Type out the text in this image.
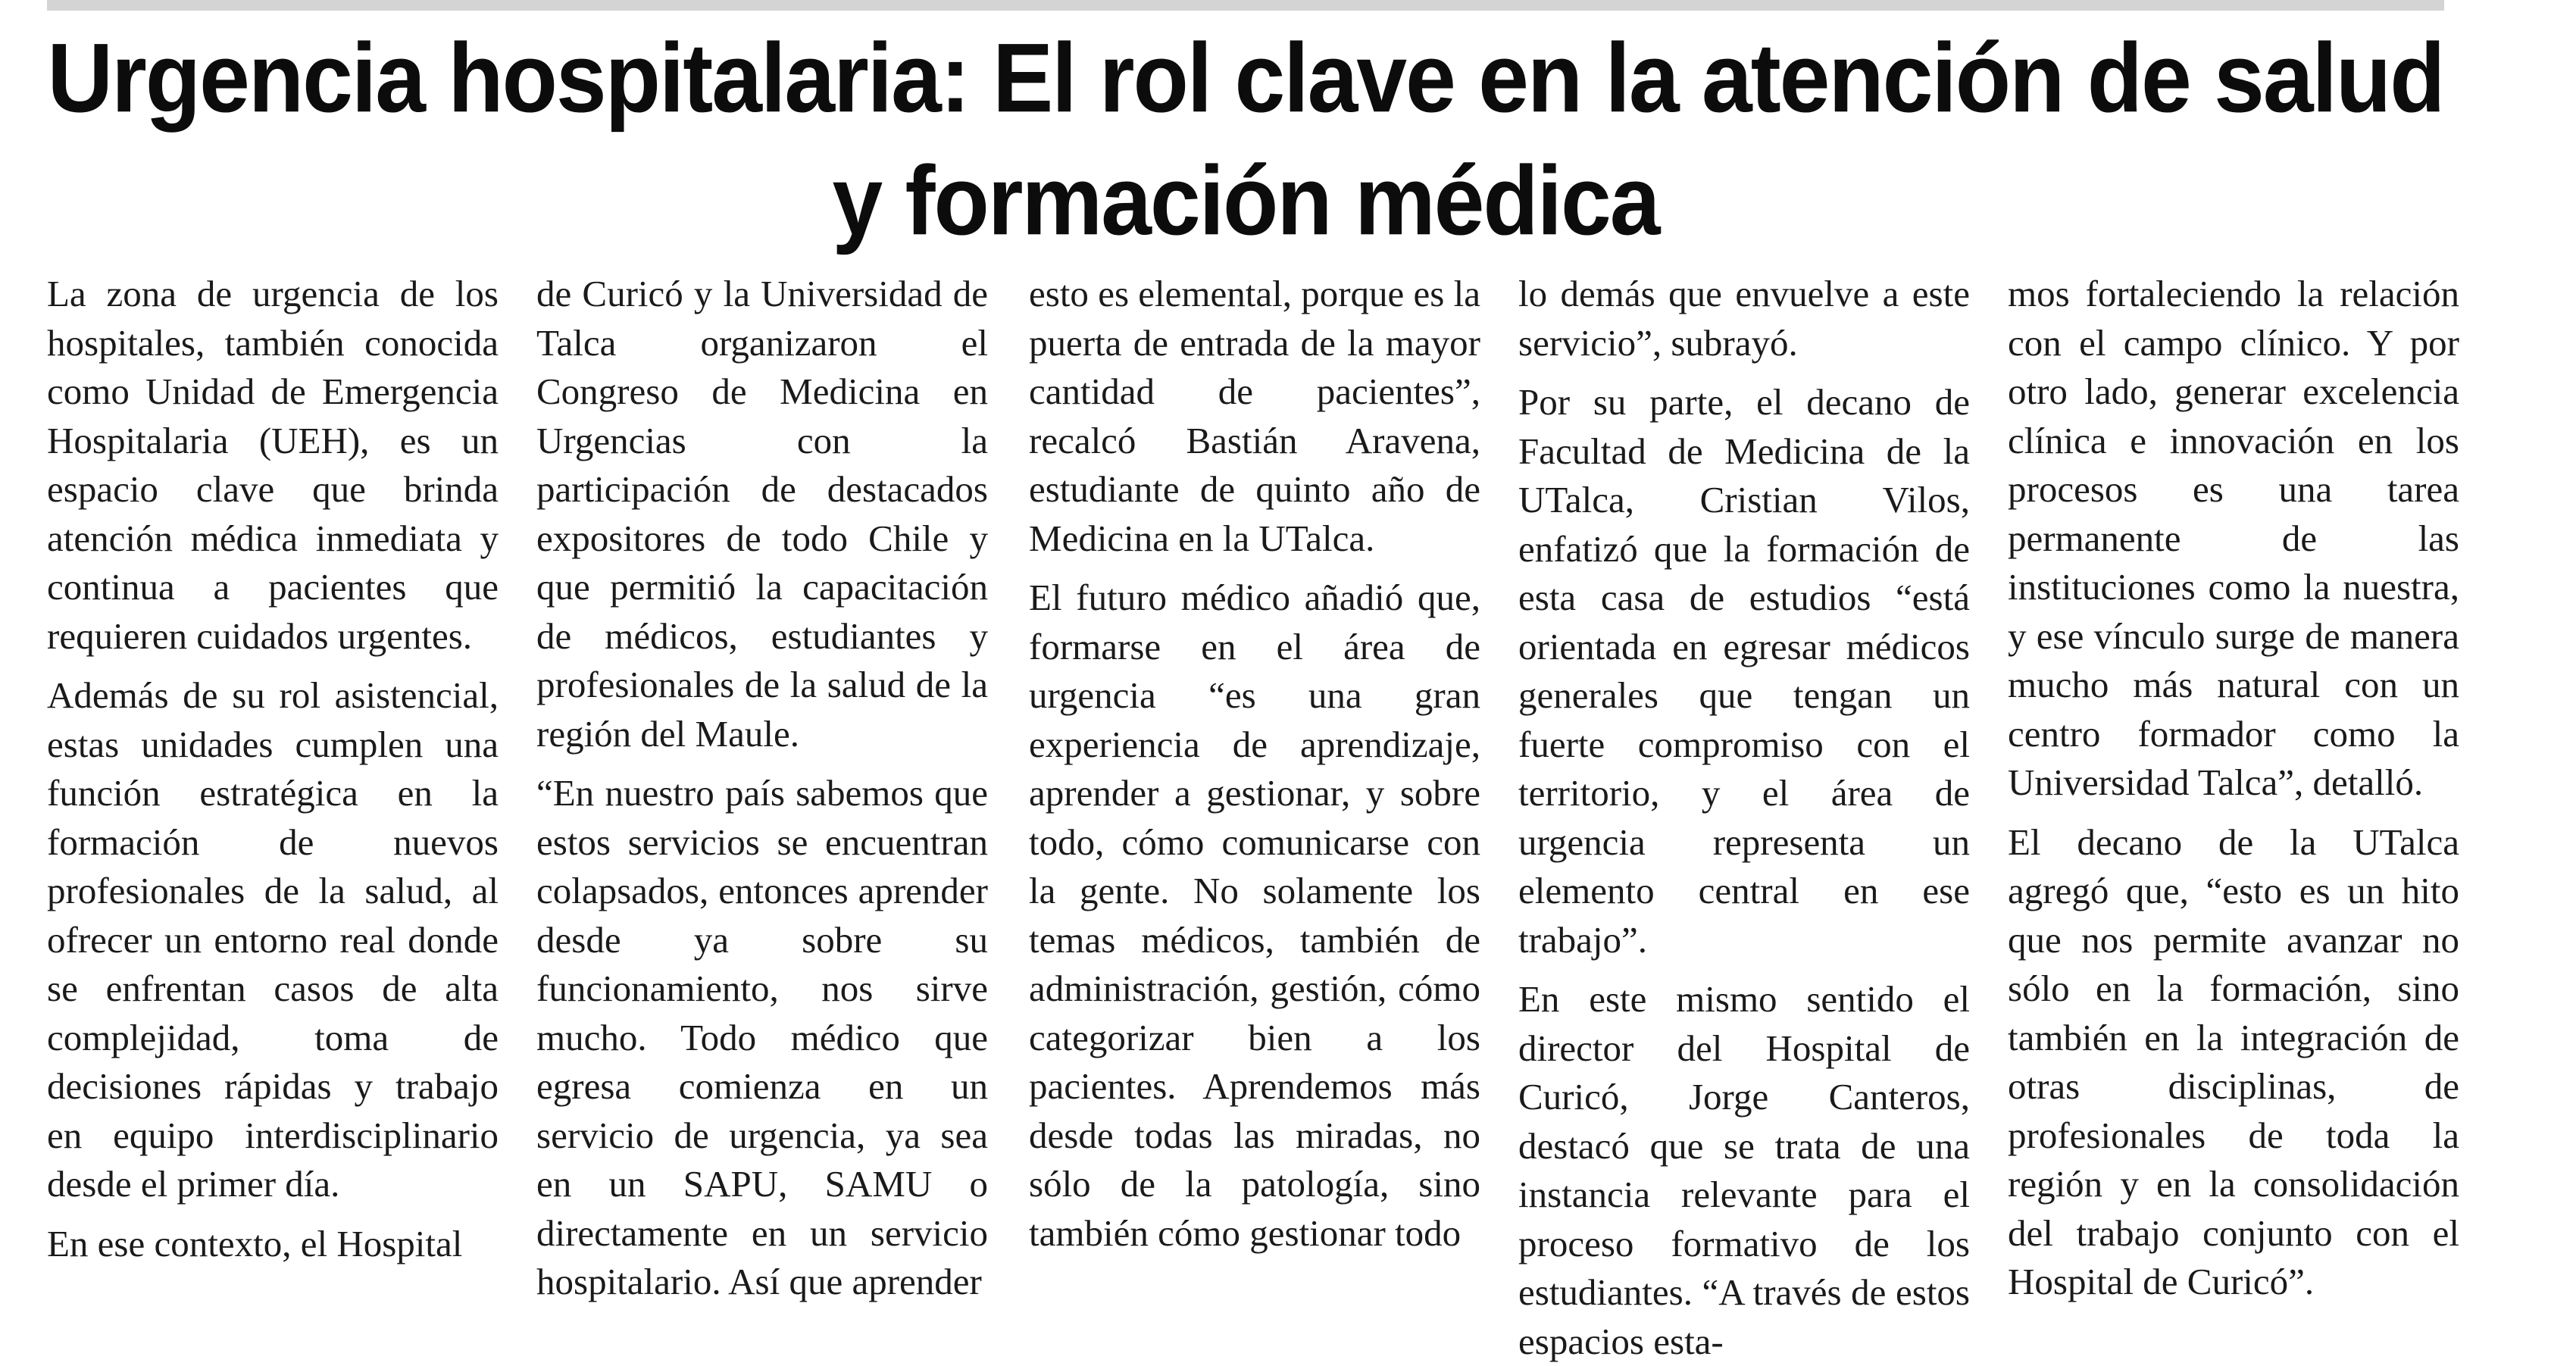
Urgencia hospitalaria: El rol clave en la atención de salud
y formación médica

La zona de urgencia de los hospitales, también conocida como Unidad de Emergencia Hospitalaria (UEH), es un espacio clave que brinda atención médica inmediata y continua a pacientes que requieren cuidados urgentes.

Además de su rol asistencial, estas unidades cumplen una función estratégica en la formación de nuevos profesionales de la salud, al ofrecer un entorno real donde se enfrentan casos de alta complejidad, toma de decisiones rápidas y trabajo en equipo interdisciplinario desde el primer día.

En ese contexto, el Hospital

de Curicó y la Universidad de Talca organizaron el Congreso de Medicina en Urgencias con la participación de destacados expositores de todo Chile y que permitió la capacitación de médicos, estudiantes y profesionales de la salud de la región del Maule.

“En nuestro país sabemos que estos servicios se encuentran colapsados, entonces aprender desde ya sobre su funcionamiento, nos sirve mucho. Todo médico que egresa comienza en un servicio de urgencia, ya sea en un SAPU, SAMU o directamente en un servicio hospitalario. Así que aprender

esto es elemental, porque es la puerta de entrada de la mayor cantidad de pacientes”, recalcó Bastián Aravena, estudiante de quinto año de Medicina en la UTalca.

El futuro médico añadió que, formarse en el área de urgencia “es una gran experiencia de aprendizaje, aprender a gestionar, y sobre todo, cómo comunicarse con la gente. No solamente los temas médicos, también de administración, gestión, cómo categorizar bien a los pacientes. Aprendemos más desde todas las miradas, no sólo de la patología, sino también cómo gestionar todo

lo demás que envuelve a este servicio”, subrayó.

Por su parte, el decano de Facultad de Medicina de la UTalca, Cristian Vilos, enfatizó que la formación de esta casa de estudios “está orientada en egresar médicos generales que tengan un fuerte compromiso con el territorio, y el área de urgencia representa un elemento central en ese trabajo”.

En este mismo sentido el director del Hospital de Curicó, Jorge Canteros, destacó que se trata de una instancia relevante para el proceso formativo de los estudiantes. “A través de estos espacios esta-

mos fortaleciendo la relación con el campo clínico. Y por otro lado, generar excelencia clínica e innovación en los procesos es una tarea permanente de las instituciones como la nuestra, y ese vínculo surge de manera mucho más natural con un centro formador como la Universidad Talca”, detalló.

El decano de la UTalca agregó que, “esto es un hito que nos permite avanzar no sólo en la formación, sino también en la integración de otras disciplinas, de profesionales de toda la región y en la consolidación del trabajo conjunto con el Hospital de Curicó”.
